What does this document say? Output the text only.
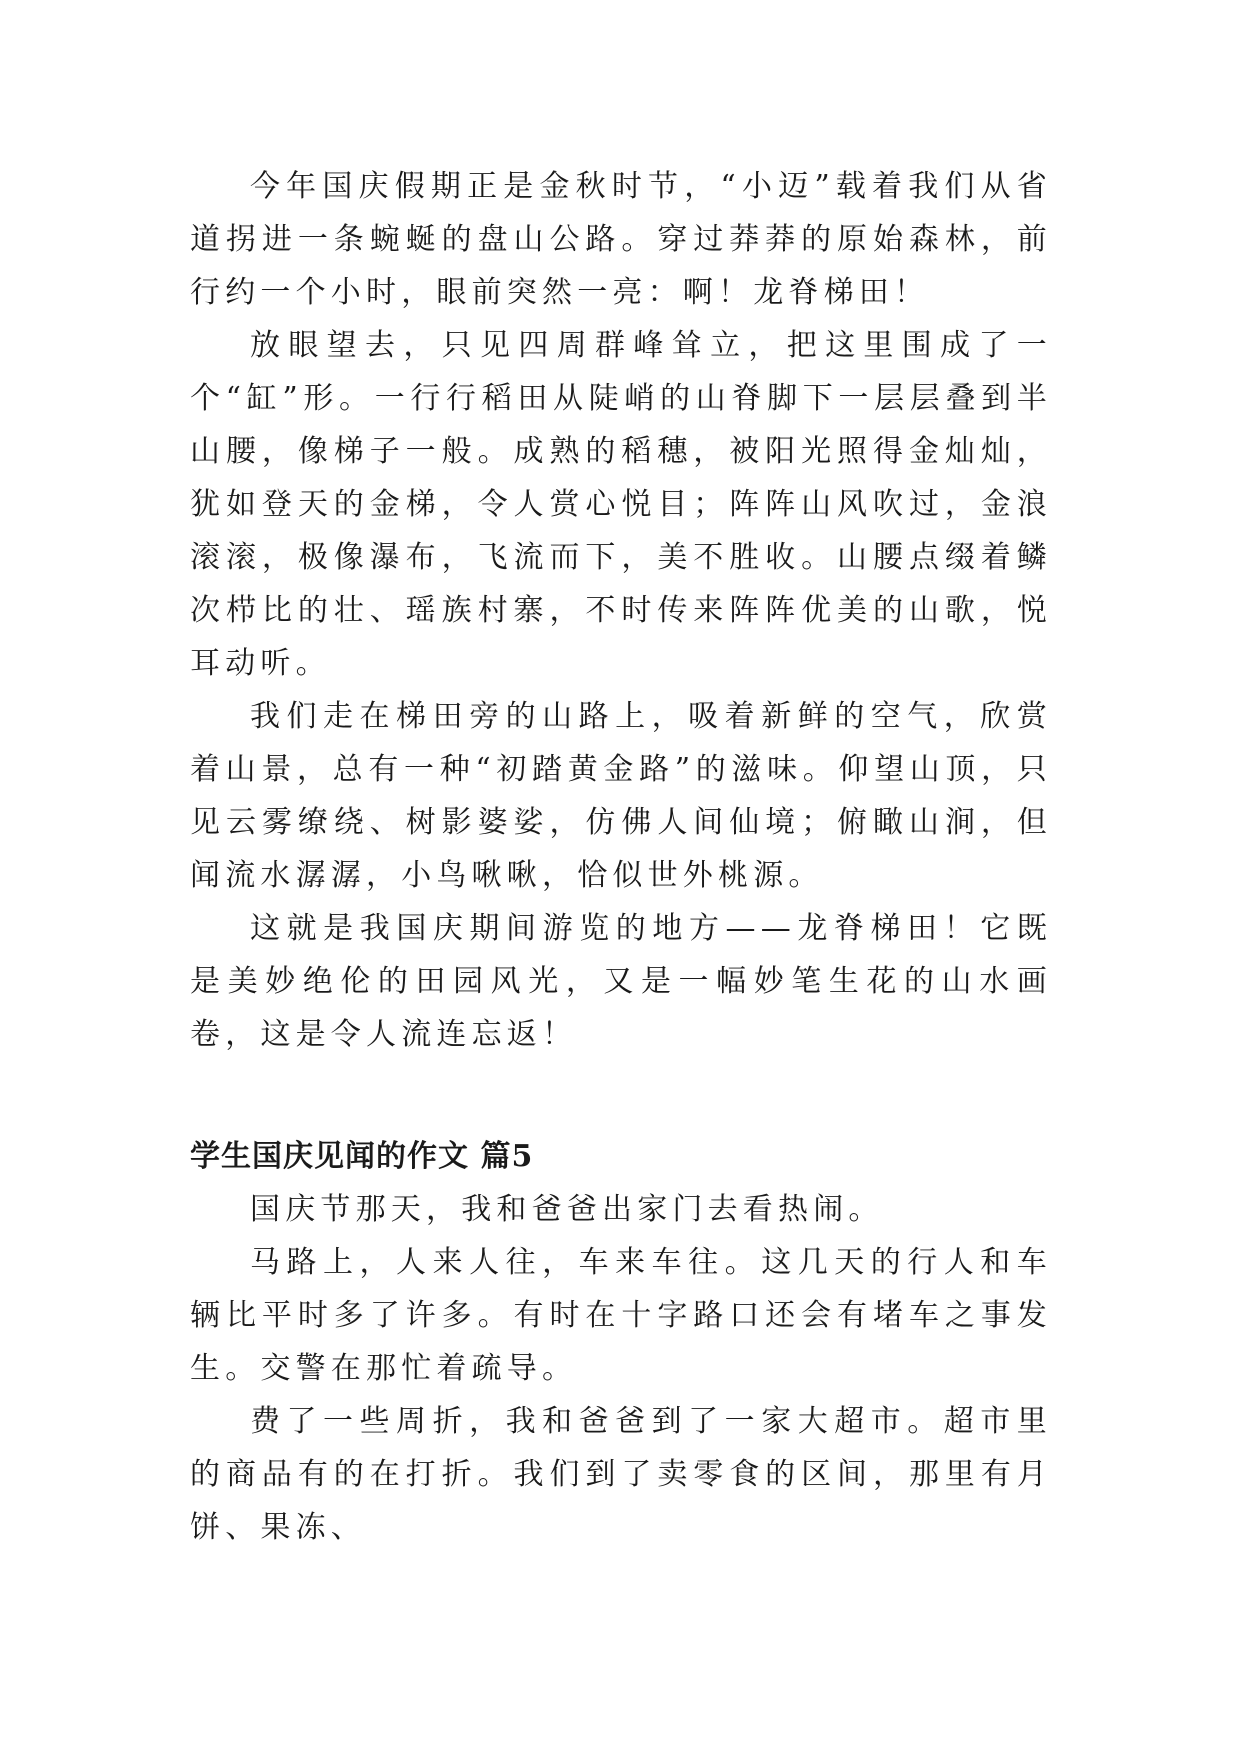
今年国庆假期正是金秋时节，“小迈”载着我们从省道拐进一条蜿蜒的盘山公路。穿过莽莽的原始森林，前行约一个小时，眼前突然一亮：啊！龙脊梯田！

放眼望去，只见四周群峰耸立，把这里围成了一个“缸”形。一行行稻田从陡峭的山脊脚下一层层叠到半山腰，像梯子一般。成熟的稻穗，被阳光照得金灿灿，犹如登天的金梯，令人赏心悦目；阵阵山风吹过，金浪滚滚，极像瀑布，飞流而下，美不胜收。山腰点缀着鳞次栉比的壮、瑶族村寨，不时传来阵阵优美的山歌，悦耳动听。

我们走在梯田旁的山路上，吸着新鲜的空气，欣赏着山景，总有一种“初踏黄金路”的滋味。仰望山顶，只见云雾缭绕、树影婆娑，仿佛人间仙境；俯瞰山涧，但闻流水潺潺，小鸟啾啾，恰似世外桃源。

这就是我国庆期间游览的地方——龙脊梯田！它既是美妙绝伦的田园风光，又是一幅妙笔生花的山水画卷，这是令人流连忘返！

学生国庆见闻的作文 篇5

国庆节那天，我和爸爸出家门去看热闹。

马路上，人来人往，车来车往。这几天的行人和车辆比平时多了许多。有时在十字路口还会有堵车之事发生。交警在那忙着疏导。

费了一些周折，我和爸爸到了一家大超市。超市里的商品有的在打折。我们到了卖零食的区间，那里有月饼、果冻、
